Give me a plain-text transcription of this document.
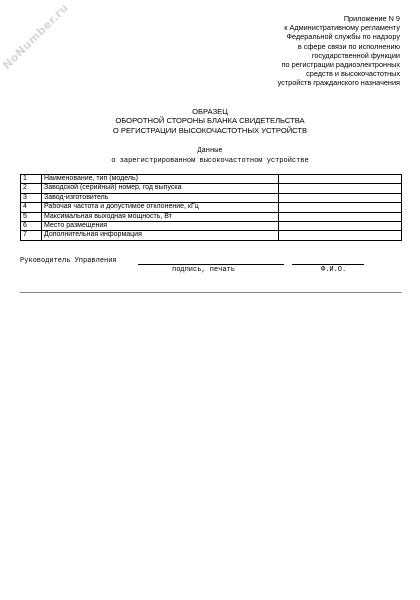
NoNumber.ru	Приложение N 9
к Административному регламенту
Федеральной службы по надзору
в сфере связи по исполнению
государственной функции
по регистрации радиоэлектронных
средств и высокочастотных
устройств гражданского назначения
ОБРАЗЕЦ
ОБОРОТНОЙ СТОРОНЫ БЛАНКА СВИДЕТЕЛЬСТВА
О РЕГИСТРАЦИИ ВЫСОКОЧАСТОТНЫХ УСТРОЙСТВ
Данные
о зарегистрированном высокочастотном устройстве
1	Наименование, тип (модель)	
2	Заводской (серийный) номер, год выпуска	
3	Завод-изготовитель	
4	Рабочая частота и допустимое отклонение, кГц	
5	Максимальная выходная мощность, Вт	
6	Место размещения	
7	Дополнительная информация	
Руководитель Управления
подпись, печать	Ф.И.О.
